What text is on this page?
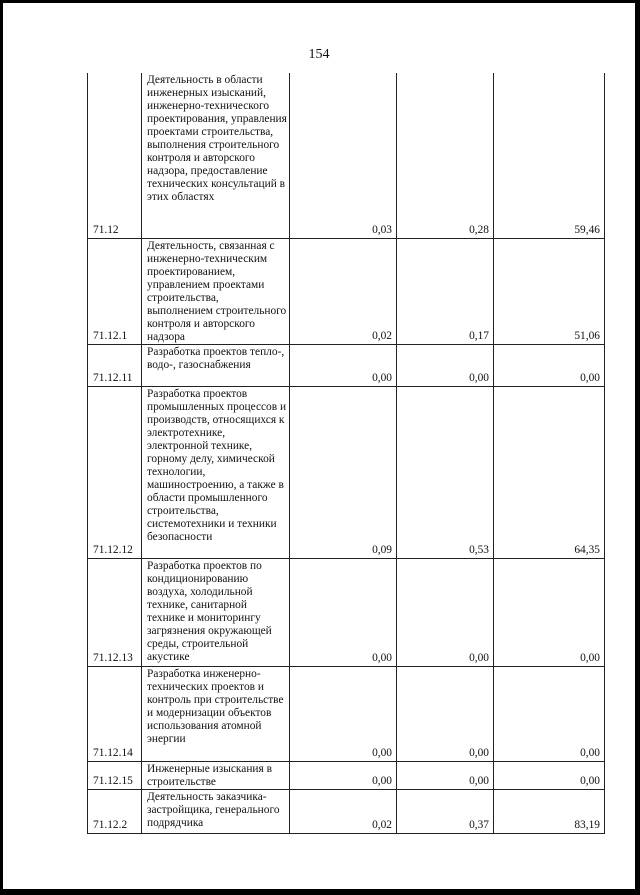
154
71.12	Деятельность в области инженерных изысканий, инженерно-технического проектирования, управления проектами строительства, выполнения строительного контроля и авторского надзора, предоставление технических консультаций в этих областях	0,03	0,28	59,46
71.12.1	Деятельность, связанная с инженерно-техническим проектированием, управлением проектами строительства, выполнением строительного контроля и авторского надзора	0,02	0,17	51,06
71.12.11	Разработка проектов тепло-, водо-, газоснабжения	0,00	0,00	0,00
71.12.12	Разработка проектов промышленных процессов и производств, относящихся к электротехнике, электронной технике, горному делу, химической технологии, машиностроению, а также в области промышленного строительства, системотехники и техники безопасности	0,09	0,53	64,35
71.12.13	Разработка проектов по кондиционированию воздуха, холодильной технике, санитарной технике и мониторингу загрязнения окружающей среды, строительной акустике	0,00	0,00	0,00
71.12.14	Разработка инженерно-технических проектов и контроль при строительстве и модернизации объектов использования атомной энергии	0,00	0,00	0,00
71.12.15	Инженерные изыскания в строительстве	0,00	0,00	0,00
71.12.2	Деятельность заказчика-застройщика, генерального подрядчика	0,02	0,37	83,19
